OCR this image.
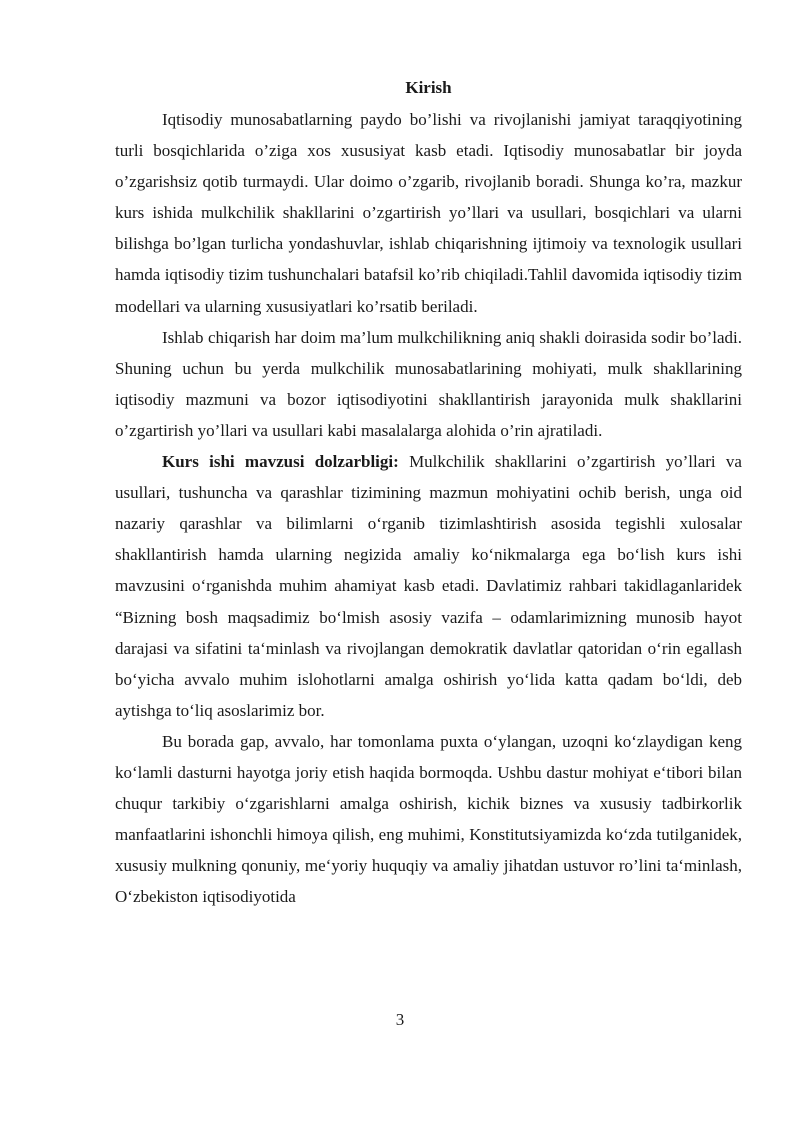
Kirish

Iqtisodiy munosabatlarning paydo bo’lishi va rivojlanishi jamiyat taraqqiyotining turli bosqichlarida o’ziga xos xususiyat kasb etadi. Iqtisodiy munosabatlar bir joyda o’zgarishsiz qotib turmaydi. Ular doimo o’zgarib, rivojlanib boradi. Shunga ko’ra, mazkur kurs ishida mulkchilik shakllarini o’zgartirish yo’llari va usullari, bosqichlari va ularni bilishga bo’lgan turlicha yondashuvlar, ishlab chiqarishning ijtimoiy va texnologik usullari hamda iqtisodiy tizim tushunchalari batafsil ko’rib chiqiladi.Tahlil davomida iqtisodiy tizim modellari va ularning xususiyatlari ko’rsatib beriladi.

Ishlab chiqarish har doim ma’lum mulkchilikning aniq shakli doirasida sodir bo’ladi. Shuning uchun bu yerda mulkchilik munosabatlarining mohiyati, mulk shakllarining iqtisodiy mazmuni va bozor iqtisodiyotini shakllantirish jarayonida mulk shakllarini o’zgartirish yo’llari va usullari kabi masalalarga alohida o’rin ajratiladi.

Kurs ishi mavzusi dolzarbligi: Mulkchilik shakllarini o’zgartirish yo’llari va usullari, tushuncha va qarashlar tizimining mazmun mohiyatini ochib berish, unga oid nazariy qarashlar va bilimlarni o‘rganib tizimlashtirish asosida tegishli xulosalar shakllantirish hamda ularning negizida amaliy ko‘nikmalarga ega bo‘lish kurs ishi mavzusini o‘rganishda muhim ahamiyat kasb etadi. Davlatimiz rahbari takidlaganlaridek “Bizning bosh maqsadimiz bo‘lmish asosiy vazifa – odamlarimizning munosib hayot darajasi va sifatini ta‘minlash va rivojlangan demokratik davlatlar qatoridan o‘rin egallash bo‘yicha avvalo muhim islohotlarni amalga oshirish yo‘lida katta qadam bo‘ldi, deb aytishga to‘liq asoslarimiz bor.

Bu borada gap, avvalo, har tomonlama puxta o‘ylangan, uzoqni ko‘zlaydigan keng ko‘lamli dasturni hayotga joriy etish haqida bormoqda. Ushbu dastur mohiyat e‘tibori bilan chuqur tarkibiy o‘zgarishlarni amalga oshirish, kichik biznes va xususiy tadbirkorlik manfaatlarini ishonchli himoya qilish, eng muhimi, Konstitutsiyamizda ko‘zda tutilganidek, xususiy mulkning qonuniy, me‘yoriy huquqiy va amaliy jihatdan ustuvor ro’lini ta‘minlash, O‘zbekiston iqtisodiyotida

3
